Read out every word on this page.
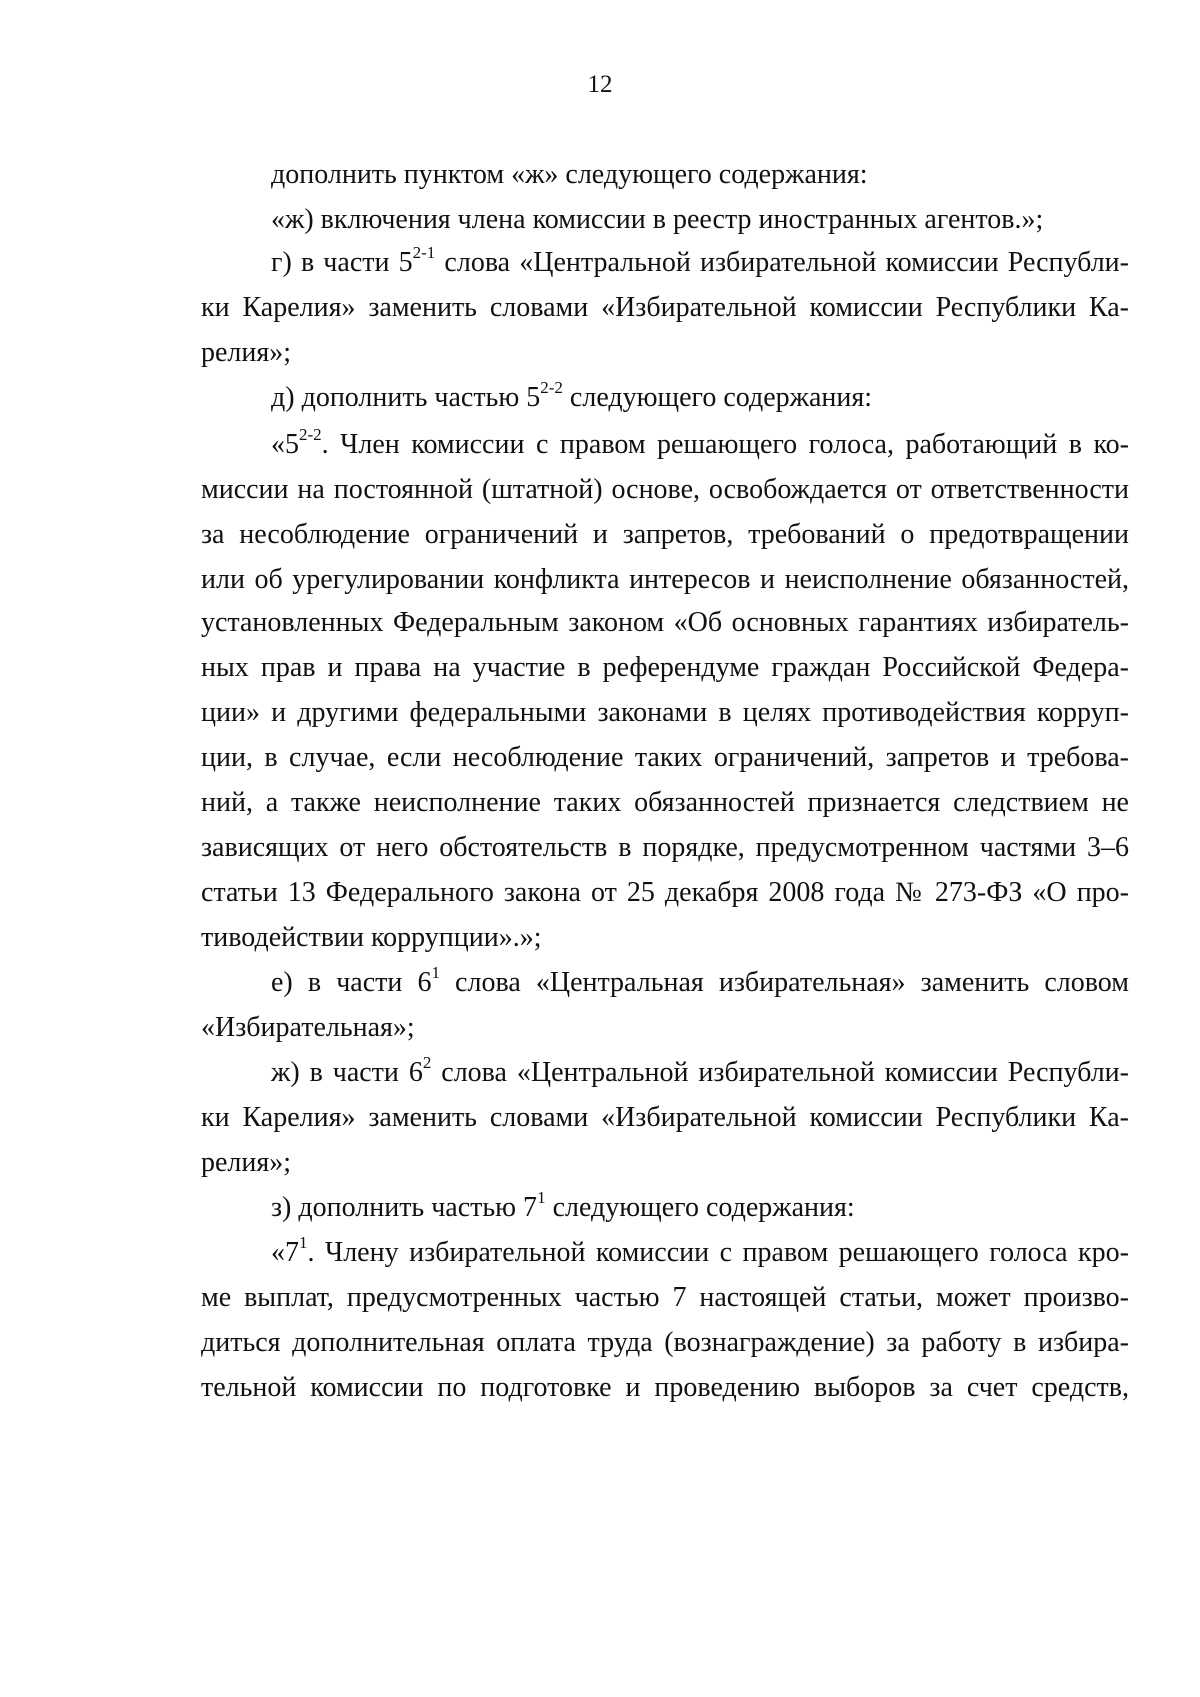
12
дополнить пунктом «ж» следующего содержания:
«ж) включения члена комиссии в реестр иностранных агентов.»;
г) в части 5$^{2-1}$ слова «Центральной избирательной комиссии Республи-
ки Карелия» заменить словами «Избирательной комиссии Республики Ка-
релия»;
д) дополнить частью 5$^{2-2}$ следующего содержания:
«5$^{2-2}$. Член комиссии с правом решающего голоса, работающий в ко-
миссии на постоянной (штатной) основе, освобождается от ответственности
за несоблюдение ограничений и запретов, требований о предотвращении
или об урегулировании конфликта интересов и неисполнение обязанностей,
установленных Федеральным законом «Об основных гарантиях избиратель-
ных прав и права на участие в референдуме граждан Российской Федера-
ции» и другими федеральными законами в целях противодействия корруп-
ции, в случае, если несоблюдение таких ограничений, запретов и требова-
ний, а также неисполнение таких обязанностей признается следствием не
зависящих от него обстоятельств в порядке, предусмотренном частями 3–6
статьи 13 Федерального закона от 25 декабря 2008 года № 273-ФЗ «О про-
тиводействии коррупции».»;
е) в части $6^1$ слова «Центральная избирательная» заменить словом
«Избирательная»;
ж) в части $6^2$ слова «Центральной избирательной комиссии Республи-
ки Карелия» заменить словами «Избирательной комиссии Республики Ка-
релия»;
з) дополнить частью $7^1$ следующего содержания:
«$7^1$. Члену избирательной комиссии с правом решающего голоса кро-
ме выплат, предусмотренных частью 7 настоящей статьи, может произво-
диться дополнительная оплата труда (вознаграждение) за работу в избира-
тельной комиссии по подготовке и проведению выборов за счет средств,
